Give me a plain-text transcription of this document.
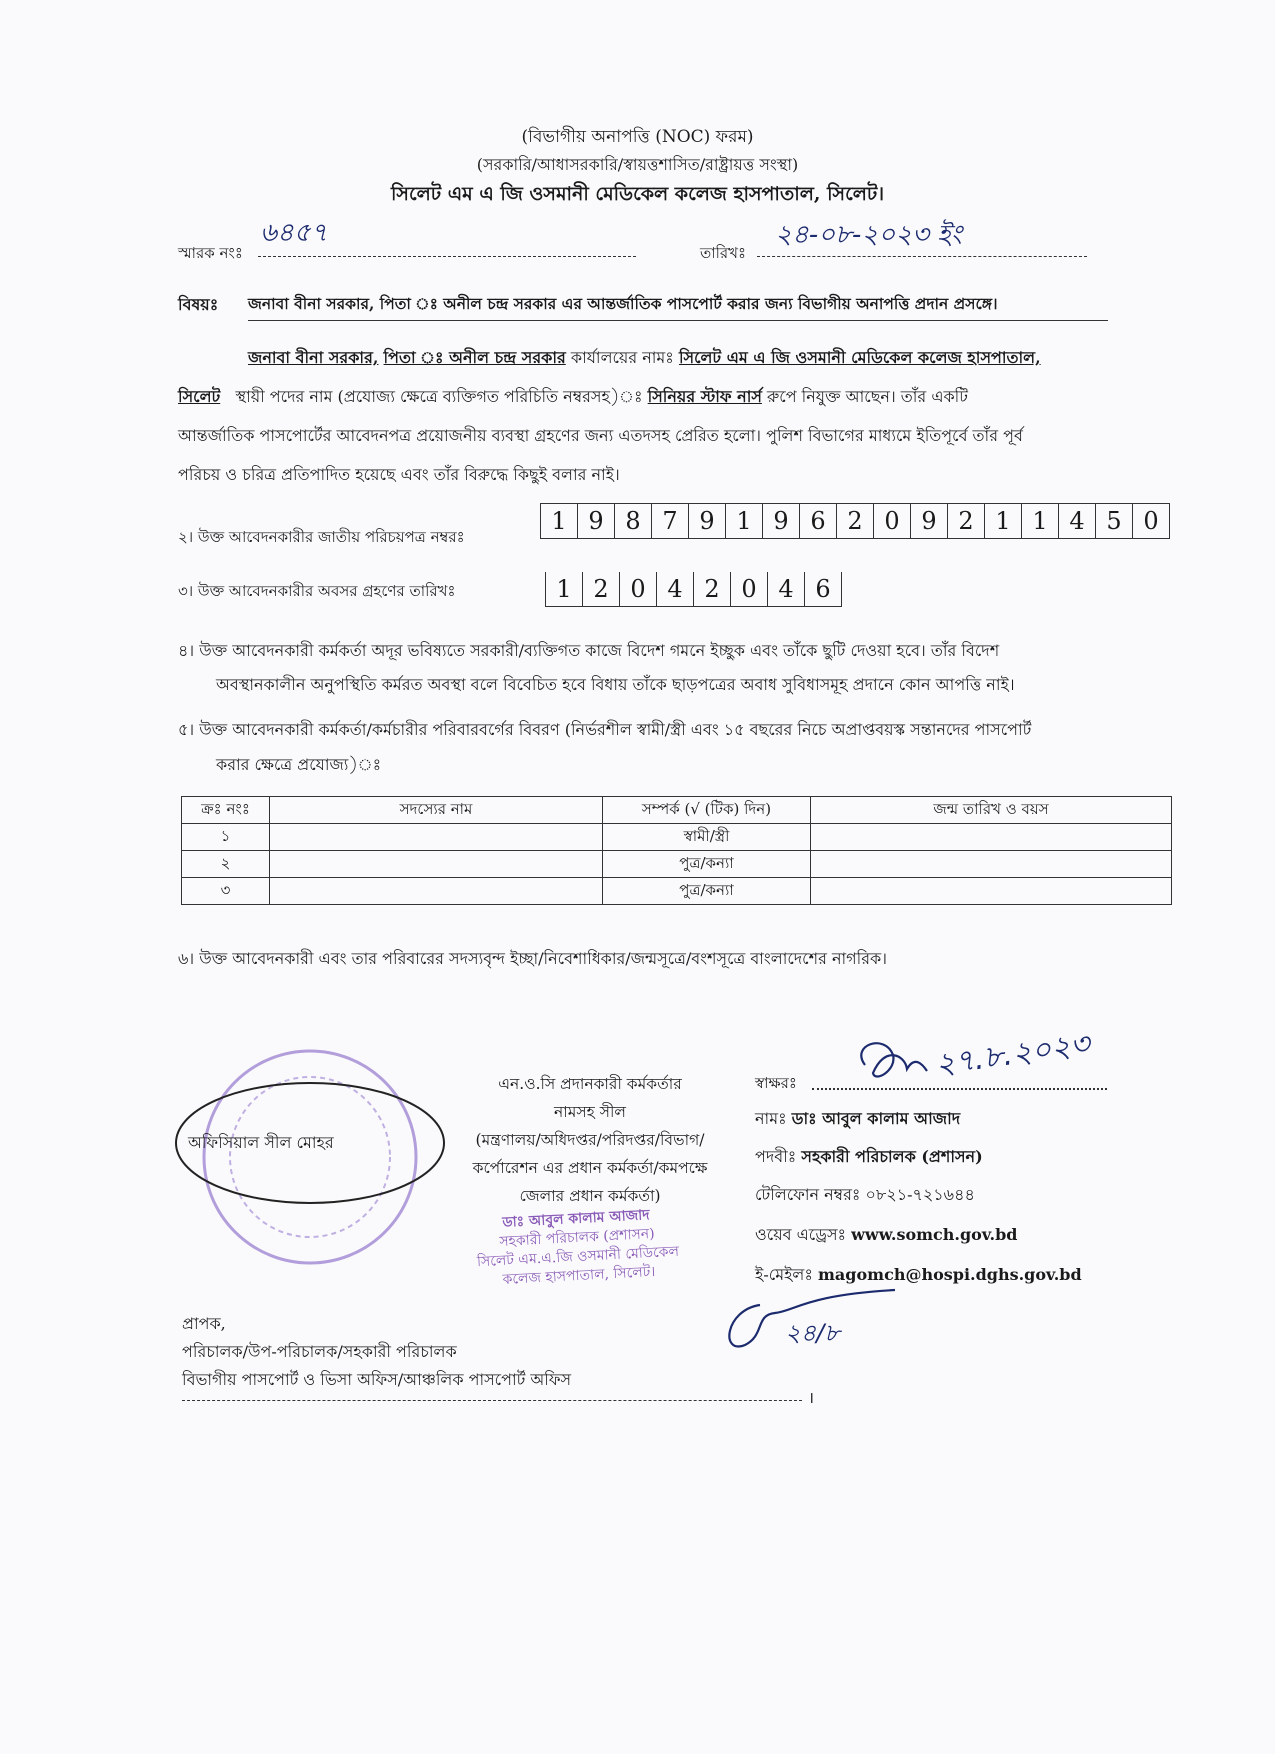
(বিভাগীয় অনাপত্তি (NOC) ফরম)
(সরকারি/আধাসরকারি/স্বায়ত্তশাসিত/রাষ্ট্রায়ত্ত সংস্থা)
সিলেট এম এ জি ওসমানী মেডিকেল কলেজ হাসপাতাল, সিলেট।
স্মারক নংঃ
৬৪৫৭
তারিখঃ
২৪-০৮-২০২৩ ইং
বিষয়ঃ জনাবা বীনা সরকার, পিতা ঃ অনীল চন্দ্র সরকার এর আন্তর্জাতিক পাসপোর্ট করার জন্য বিভাগীয় অনাপত্তি প্রদান প্রসঙ্গে।
জনাবা বীনা সরকার, পিতা ঃ অনীল চন্দ্র সরকার কার্যালয়ের নামঃ সিলেট এম এ জি ওসমানী মেডিকেল কলেজ হাসপাতাল,
সিলেট স্থায়ী পদের নাম (প্রযোজ্য ক্ষেত্রে ব্যক্তিগত পরিচিতি নম্বরসহ)ঃ সিনিয়র স্টাফ নার্স রুপে নিযুক্ত আছেন। তাঁর একটি
আন্তর্জাতিক পাসপোর্টের আবেদনপত্র প্রয়োজনীয় ব্যবস্থা গ্রহণের জন্য এতদসহ প্রেরিত হলো। পুলিশ বিভাগের মাধ্যমে ইতিপূর্বে তাঁর পূর্ব
পরিচয় ও চরিত্র প্রতিপাদিত হয়েছে এবং তাঁর বিরুদ্ধে কিছুই বলার নাই।
২। উক্ত আবেদনকারীর জাতীয় পরিচয়পত্র নম্বরঃ
1 9 8 7 9 1 9 6 2 0 9 2 1 1 4 5 0
৩। উক্ত আবেদনকারীর অবসর গ্রহণের তারিখঃ	1 2 0 4 2 0 4 6
৪। উক্ত আবেদনকারী কর্মকর্তা অদূর ভবিষ্যতে সরকারী/ব্যক্তিগত কাজে বিদেশ গমনে ইচ্ছুক এবং তাঁকে ছুটি দেওয়া হবে। তাঁর বিদেশ
অবস্থানকালীন অনুপস্থিতি কর্মরত অবস্থা বলে বিবেচিত হবে বিধায় তাঁকে ছাড়পত্রের অবাধ সুবিধাসমূহ প্রদানে কোন আপত্তি নাই।
৫। উক্ত আবেদনকারী কর্মকর্তা/কর্মচারীর পরিবারবর্গের বিবরণ (নির্ভরশীল স্বামী/স্ত্রী এবং ১৫ বছরের নিচে অপ্রাপ্তবয়স্ক সন্তানদের পাসপোর্ট
করার ক্ষেত্রে প্রযোজ্য)ঃ
ক্রঃ নংঃ	সদস্যের নাম	সম্পর্ক (√ (টিক) দিন)	জন্ম তারিখ ও বয়স
১		স্বামী/স্ত্রী	
২		পুত্র/কন্যা	
৩		পুত্র/কন্যা	
৬। উক্ত আবেদনকারী এবং তার পরিবারের সদস্যবৃন্দ ইচ্ছা/নিবেশাধিকার/জন্মসূত্রে/বংশসূত্রে বাংলাদেশের নাগরিক।
অফিসিয়াল সীল মোহর
এন.ও.সি প্রদানকারী কর্মকর্তার
নামসহ সীল
(মন্ত্রণালয়/অধিদপ্তর/পরিদপ্তর/বিভাগ/
কর্পোরেশন এর প্রধান কর্মকর্তা/কমপক্ষে
জেলার প্রধান কর্মকর্তা)
ডাঃ আবুল কালাম আজাদ
সহকারী পরিচালক (প্রশাসন)
সিলেট এম.এ.জি ওসমানী মেডিকেল
কলেজ হাসপাতাল, সিলেট।
স্বাক্ষরঃ
২৭.৮.২০২৩
নামঃ ডাঃ আবুল কালাম আজাদ
পদবীঃ সহকারী পরিচালক (প্রশাসন)
টেলিফোন নম্বরঃ ০৮২১-৭২১৬৪৪
ওয়েব এড্রেসঃ www.somch.gov.bd
ই-মেইলঃ magomch@hospi.dghs.gov.bd
২৪/৮
প্রাপক,
পরিচালক/উপ-পরিচালক/সহকারী পরিচালক
বিভাগীয় পাসপোর্ট ও ভিসা অফিস/আঞ্চলিক পাসপোর্ট অফিস
।
